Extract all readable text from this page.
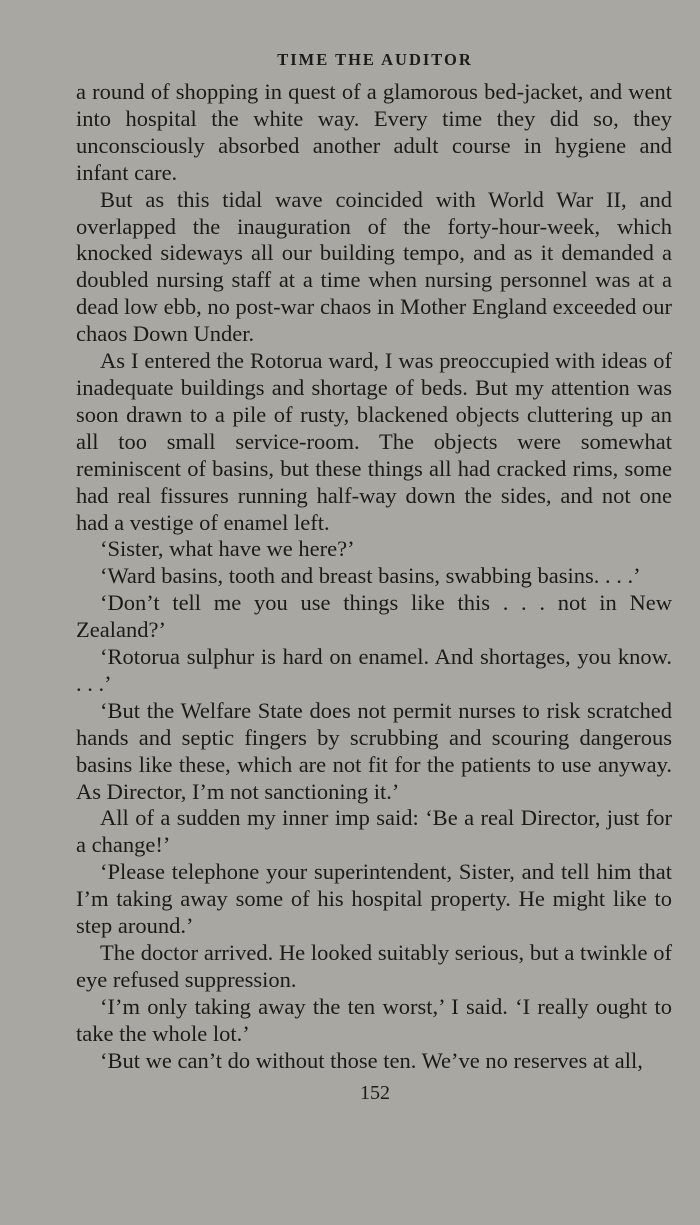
TIME THE AUDITOR

a round of shopping in quest of a glamorous bed-jacket, and went into hospital the white way. Every time they did so, they unconsciously absorbed another adult course in hygiene and infant care.

But as this tidal wave coincided with World War II, and overlapped the inauguration of the forty-hour-week, which knocked sideways all our building tempo, and as it demanded a doubled nursing staff at a time when nursing personnel was at a dead low ebb, no post-war chaos in Mother England exceeded our chaos Down Under.

As I entered the Rotorua ward, I was preoccupied with ideas of inadequate buildings and shortage of beds. But my attention was soon drawn to a pile of rusty, blackened objects cluttering up an all too small service-room. The objects were somewhat reminiscent of basins, but these things all had cracked rims, some had real fissures running half-way down the sides, and not one had a vestige of enamel left.

‘Sister, what have we here?’

‘Ward basins, tooth and breast basins, swabbing basins. . . .’

‘Don’t tell me you use things like this . . . not in New Zealand?’

‘Rotorua sulphur is hard on enamel. And shortages, you know. . . .’

‘But the Welfare State does not permit nurses to risk scratched hands and septic fingers by scrubbing and scouring dangerous basins like these, which are not fit for the patients to use anyway. As Director, I’m not sanctioning it.’

All of a sudden my inner imp said: ‘Be a real Director, just for a change!’

‘Please telephone your superintendent, Sister, and tell him that I’m taking away some of his hospital property. He might like to step around.’

The doctor arrived. He looked suitably serious, but a twinkle of eye refused suppression.

‘I’m only taking away the ten worst,’ I said. ‘I really ought to take the whole lot.’

‘But we can’t do without those ten. We’ve no reserves at all,

152
